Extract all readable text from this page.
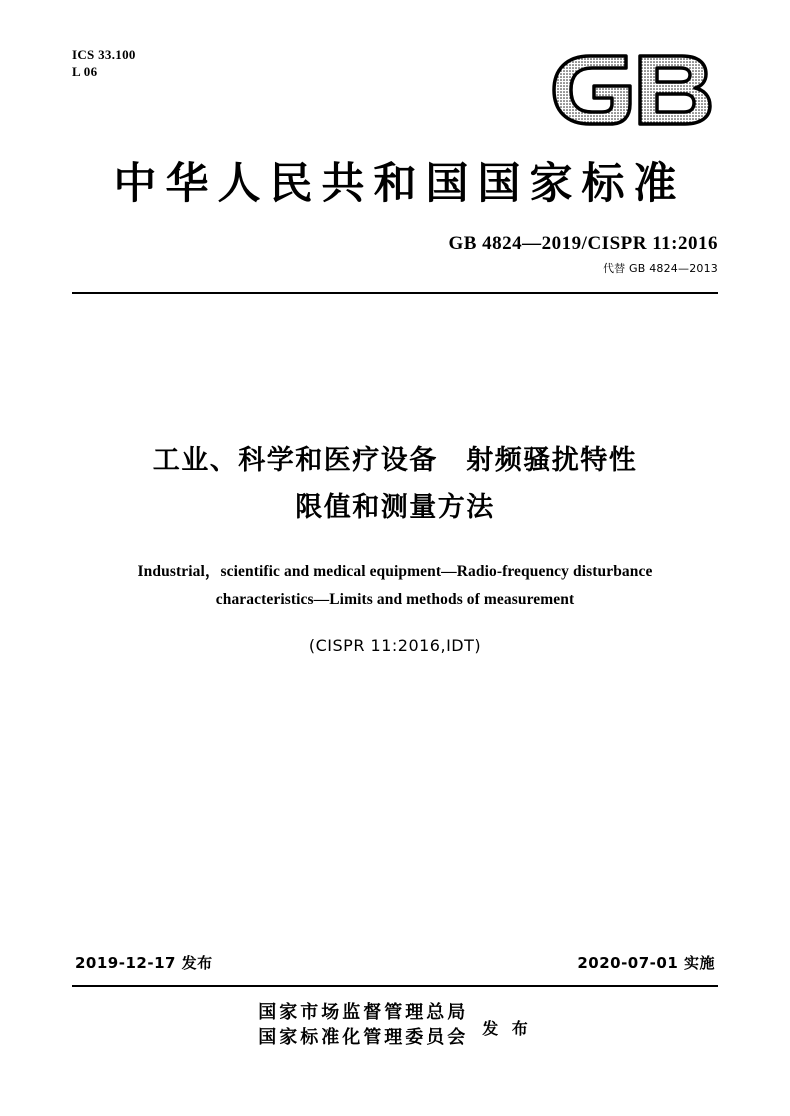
ICS 33.100
L 06
中华人民共和国国家标准
GB 4824—2019/CISPR 11:2016
代替 GB 4824—2013
工业、科学和医疗设备　射频骚扰特性
限值和测量方法
Industrial，scientific and medical equipment—Radio-frequency disturbance
characteristics—Limits and methods of measurement
(CISPR 11:2016,IDT)
2019-12-17 发布	2020-07-01 实施
国家市场监督管理总局
国家标准化管理委员会 发 布
